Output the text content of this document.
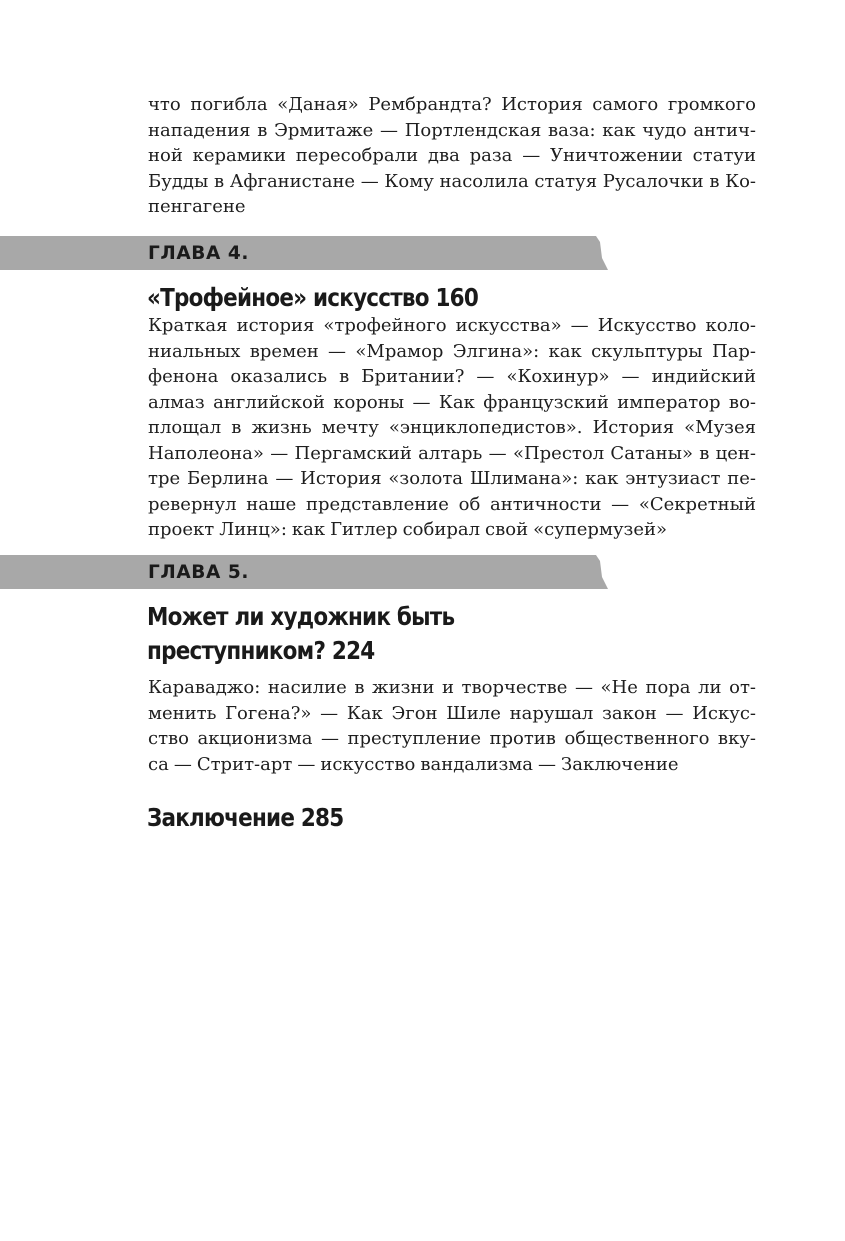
что погибла «Даная» Рембрандта? История самого громкого
нападения в Эрмитаже — Портлендская ваза: как чудо антич-
ной керамики пересобрали два раза — Уничтожении статуи
Будды в Афганистане — Кому насолила статуя Русалочки в Ко-
пенгагене
ГЛАВА 4.
«Трофейное» искусство 160
Краткая история «трофейного искусства» — Искусство коло-
ниальных времен — «Мрамор Элгина»: как скульптуры Пар-
фенона оказались в Британии? — «Кохинур» — индийский
алмаз английской короны — Как французский император во-
площал в жизнь мечту «энциклопедистов». История «Музея
Наполеона» — Пергамский алтарь — «Престол Сатаны» в цен-
тре Берлина — История «золота Шлимана»: как энтузиаст пе-
ревернул наше представление об античности — «Секретный
проект Линц»: как Гитлер собирал свой «супермузей»
ГЛАВА 5.
Может ли художник быть
преступником? 224
Караваджо: насилие в жизни и творчестве — «Не пора ли от-
менить Гогена?» — Как Эгон Шиле нарушал закон — Искус-
ство акционизма — преступление против общественного вку-
са — Стрит-арт — искусство вандализма — Заключение
Заключение 285
